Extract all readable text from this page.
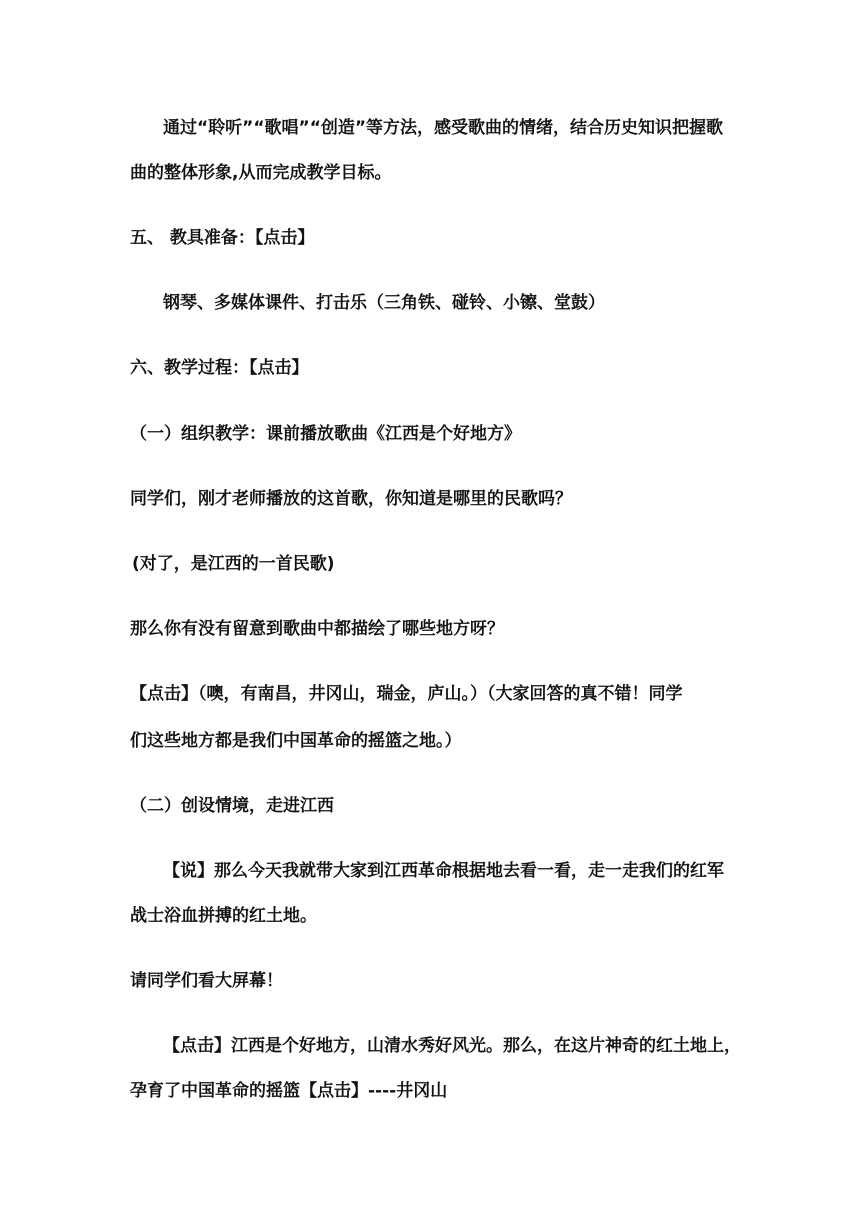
通过“聆听”“歌唱”“创造”等方法，感受歌曲的情绪，结合历史知识把握歌

曲的整体形象,从而完成教学目标。

五、 教具准备：【点击】

钢琴、多媒体课件、打击乐（三角铁、碰铃、小镲、堂鼓）

六、教学过程：【点击】

（一）组织教学：课前播放歌曲《江西是个好地方》

同学们，刚才老师播放的这首歌，你知道是哪里的民歌吗？

(对了，是江西的一首民歌)

那么你有没有留意到歌曲中都描绘了哪些地方呀？

【点击】（噢，有南昌，井冈山，瑞金，庐山。）（大家回答的真不错！同学

们这些地方都是我们中国革命的摇篮之地。）

（二）创设情境，走进江西

【说】那么今天我就带大家到江西革命根据地去看一看，走一走我们的红军

战士浴血拼搏的红土地。

请同学们看大屏幕！

【点击】江西是个好地方，山清水秀好风光。那么，在这片神奇的红土地上，

孕育了中国革命的摇篮【点击】----井冈山
